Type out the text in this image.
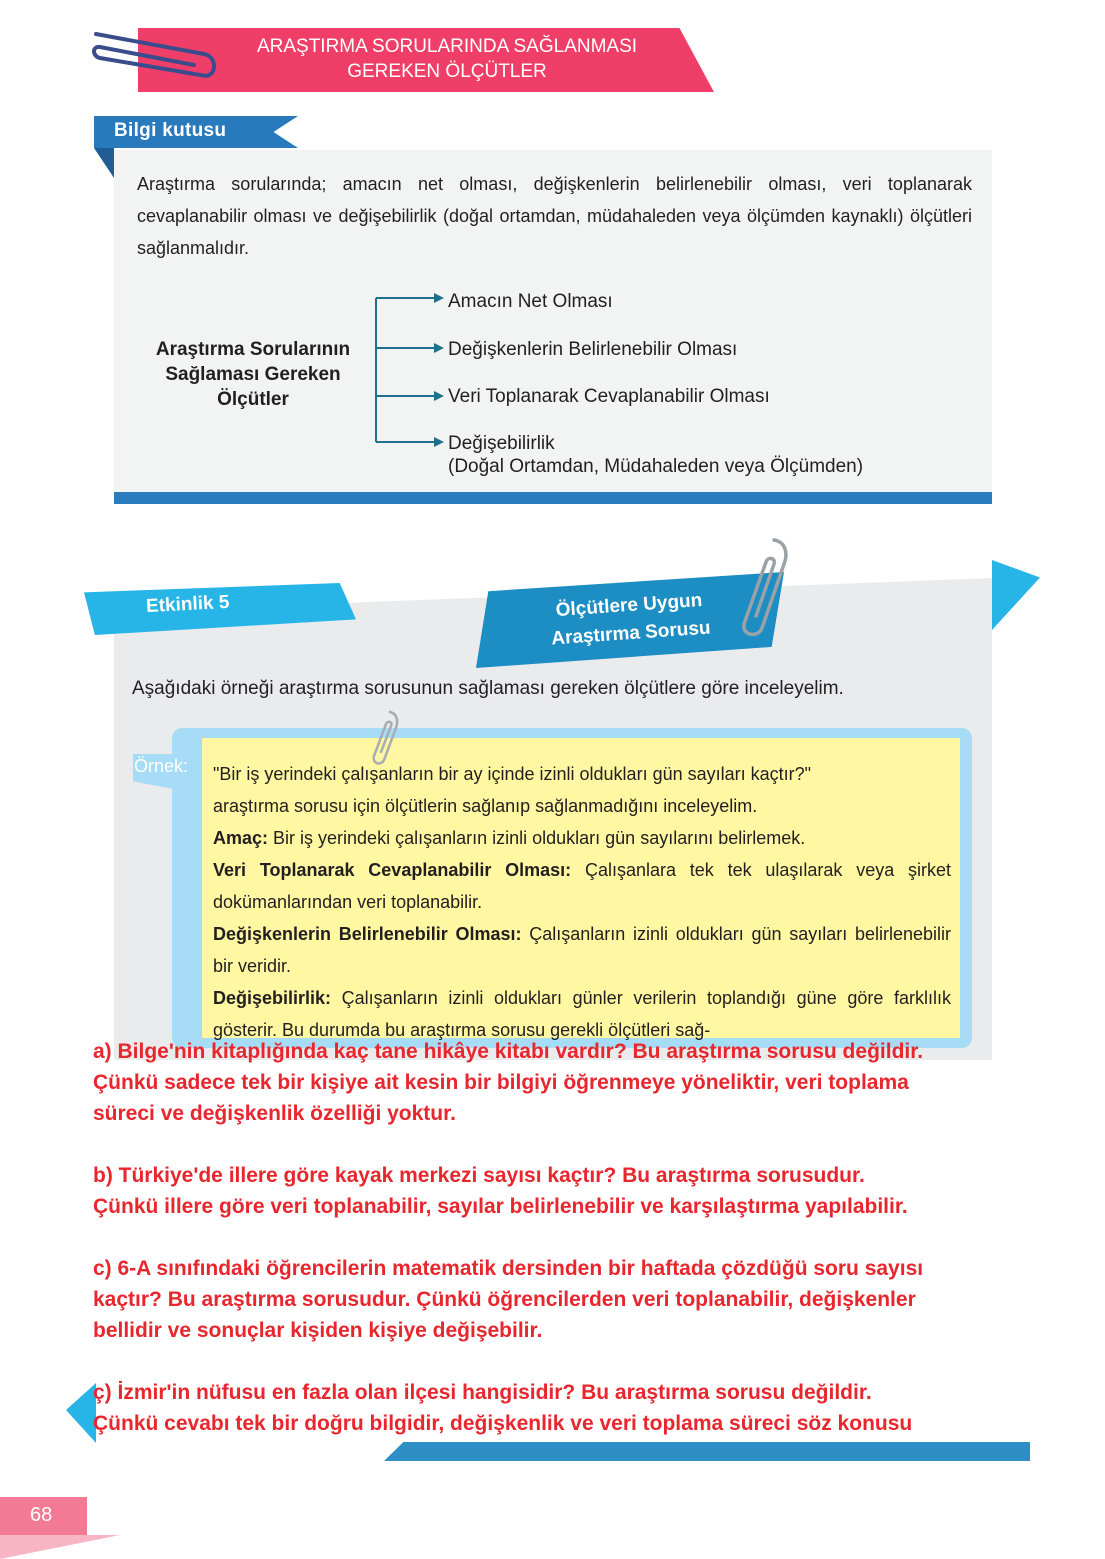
ARAŞTIRMA SORULARINDA SAĞLANMASI
GEREKEN ÖLÇÜTLER
Bilgi kutusu
Araştırma sorularında; amacın net olması, değişkenlerin belirlenebilir olması, veri toplanarak cevaplanabilir olması ve değişebilirlik (doğal ortamdan, müdahaleden veya ölçümden kaynaklı) ölçütleri sağlanmalıdır.
Araştırma Sorularının
Sağlaması Gereken
Ölçütler
Amacın Net Olması
Değişkenlerin Belirlenebilir Olması
Veri Toplanarak Cevaplanabilir Olması
Değişebilirlik
(Doğal Ortamdan, Müdahaleden veya Ölçümden)
Etkinlik 5	Ölçütlere Uygun
Araştırma Sorusu
Aşağıdaki örneği araştırma sorusunun sağlaması gereken ölçütlere göre inceleyelim.
Örnek: "Bir iş yerindeki çalışanların bir ay içinde izinli oldukları gün sayıları kaçtır?"
araştırma sorusu için ölçütlerin sağlanıp sağlanmadığını inceleyelim.
Amaç: Bir iş yerindeki çalışanların izinli oldukları gün sayılarını belirlemek.
Veri Toplanarak Cevaplanabilir Olması: Çalışanlara tek tek ulaşılarak veya şirket dokümanlarından veri toplanabilir.
Değişkenlerin Belirlenebilir Olması: Çalışanların izinli oldukları gün sayıları belirlenebilir bir veridir.
Değişebilirlik: Çalışanların izinli oldukları günler verilerin toplandığı güne göre farklılık gösterir. Bu durumda bu araştırma sorusu gerekli ölçütleri sağ-
a) Bilge'nin kitaplığında kaç tane hikâye kitabı vardır? Bu araştırma sorusu değildir.
Çünkü sadece tek bir kişiye ait kesin bir bilgiyi öğrenmeye yöneliktir, veri toplama
süreci ve değişkenlik özelliği yoktur.
b) Türkiye'de illere göre kayak merkezi sayısı kaçtır? Bu araştırma sorusudur.
Çünkü illere göre veri toplanabilir, sayılar belirlenebilir ve karşılaştırma yapılabilir.
c) 6-A sınıfındaki öğrencilerin matematik dersinden bir haftada çözdüğü soru sayısı
kaçtır? Bu araştırma sorusudur. Çünkü öğrencilerden veri toplanabilir, değişkenler
bellidir ve sonuçlar kişiden kişiye değişebilir.
ç) İzmir'in nüfusu en fazla olan ilçesi hangisidir? Bu araştırma sorusu değildir.
Çünkü cevabı tek bir doğru bilgidir, değişkenlik ve veri toplama süreci söz konusu
68
